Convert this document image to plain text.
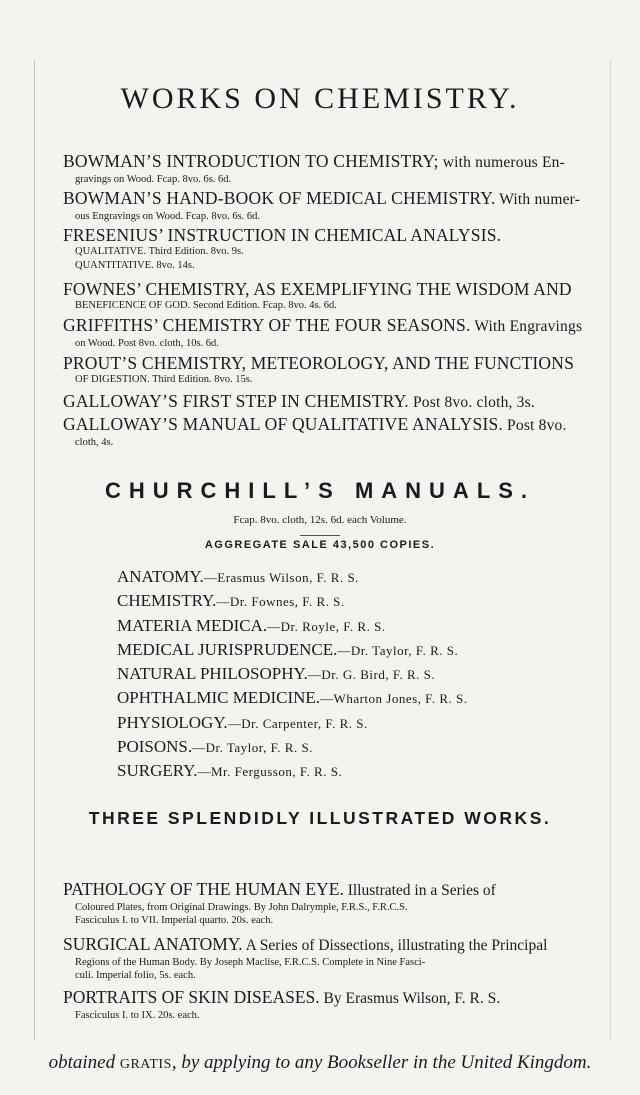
WORKS ON CHEMISTRY.
BOWMAN’S INTRODUCTION TO CHEMISTRY; with numerous En-
gravings on Wood. Fcap. 8vo. 6s. 6d.
BOWMAN’S HAND-BOOK OF MEDICAL CHEMISTRY. With numer-
ous Engravings on Wood. Fcap. 8vo. 6s. 6d.
FRESENIUS’ INSTRUCTION IN CHEMICAL ANALYSIS.
QUALITATIVE. Third Edition. 8vo. 9s.
QUANTITATIVE. 8vo. 14s.
FOWNES’ CHEMISTRY, AS EXEMPLIFYING THE WISDOM AND
BENEFICENCE OF GOD. Second Edition. Fcap. 8vo. 4s. 6d.
GRIFFITHS’ CHEMISTRY OF THE FOUR SEASONS. With Engravings
on Wood. Post 8vo. cloth, 10s. 6d.
PROUT’S CHEMISTRY, METEOROLOGY, AND THE FUNCTIONS
OF DIGESTION. Third Edition. 8vo. 15s.
GALLOWAY’S FIRST STEP IN CHEMISTRY. Post 8vo. cloth, 3s.
GALLOWAY’S MANUAL OF QUALITATIVE ANALYSIS. Post 8vo.
cloth, 4s.
CHURCHILL’S MANUALS.
Fcap. 8vo. cloth, 12s. 6d. each Volume.
AGGREGATE SALE 43,500 COPIES.
ANATOMY.—Erasmus Wilson, F. R. S.
CHEMISTRY.—Dr. Fownes, F. R. S.
MATERIA MEDICA.—Dr. Royle, F. R. S.
MEDICAL JURISPRUDENCE.—Dr. Taylor, F. R. S.
NATURAL PHILOSOPHY.—Dr. G. Bird, F. R. S.
OPHTHALMIC MEDICINE.—Wharton Jones, F. R. S.
PHYSIOLOGY.—Dr. Carpenter, F. R. S.
POISONS.—Dr. Taylor, F. R. S.
SURGERY.—Mr. Fergusson, F. R. S.
THREE SPLENDIDLY ILLUSTRATED WORKS.
PATHOLOGY OF THE HUMAN EYE. Illustrated in a Series of
Coloured Plates, from Original Drawings. By John Dalrymple, F.R.S., F.R.C.S.
Fasciculus I. to VII. Imperial quarto. 20s. each.
SURGICAL ANATOMY. A Series of Dissections, illustrating the Principal
Regions of the Human Body. By Joseph Maclise, F.R.C.S. Complete in Nine Fasci-
culi. Imperial folio, 5s. each.
PORTRAITS OF SKIN DISEASES. By Erasmus Wilson, F. R. S.
Fasciculus I. to IX. 20s. each.
obtained GRATIS, by applying to any Bookseller in the United Kingdom.
